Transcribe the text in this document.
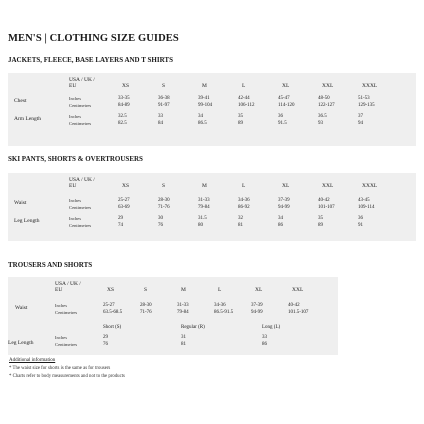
MEN'S | CLOTHING SIZE GUIDES
JACKETS, FLEECE, BASE LAYERS AND T SHIRTS
USA / UK /
EU	XS	S	M	L	XL	XXL	XXXL
Chest	Inches	33-35	36-38	39-41	42-44	45-47	48-50	51-53
Centimetres	84-89	91-97	99-104	106-112	114-120	122-127	129-135
Arm Length	Inches	32.5	33	34	35	36	36.5	37
Centimetres	82.5	84	86.5	89	91.5	93	94
SKI PANTS, SHORTS & OVERTROUSERS
USA / UK /
EU	XS	S	M	L	XL	XXL	XXXL
Waist	Inches	25-27	28-30	31-33	34-36	37-39	40-42	43-45
Centimetres	63-69	71-76	79-84	86-92	94-99	101-107	109-114
Leg Length	Inches	29	30	31.5	32	34	35	36
Centimetres	74	76	80	81	86	89	91
TROUSERS AND SHORTS
USA / UK /
EU	XS	S	M	L	XL	XXL
Waist	Inches	25-27	28-30	31-33	34-36	37-39	40-42
Centimetres	63.5-68.5	71-76	79-84	86.5-91.5	94-99	101.5-107
Short (S)	Regular (R)	Long (L)
Leg Length
Inches	29	31	33
Centimetres	76	81	86
Additional information
* The waist size for shorts is the same as for trousers
* Charts refer to body measurements and not to the products
